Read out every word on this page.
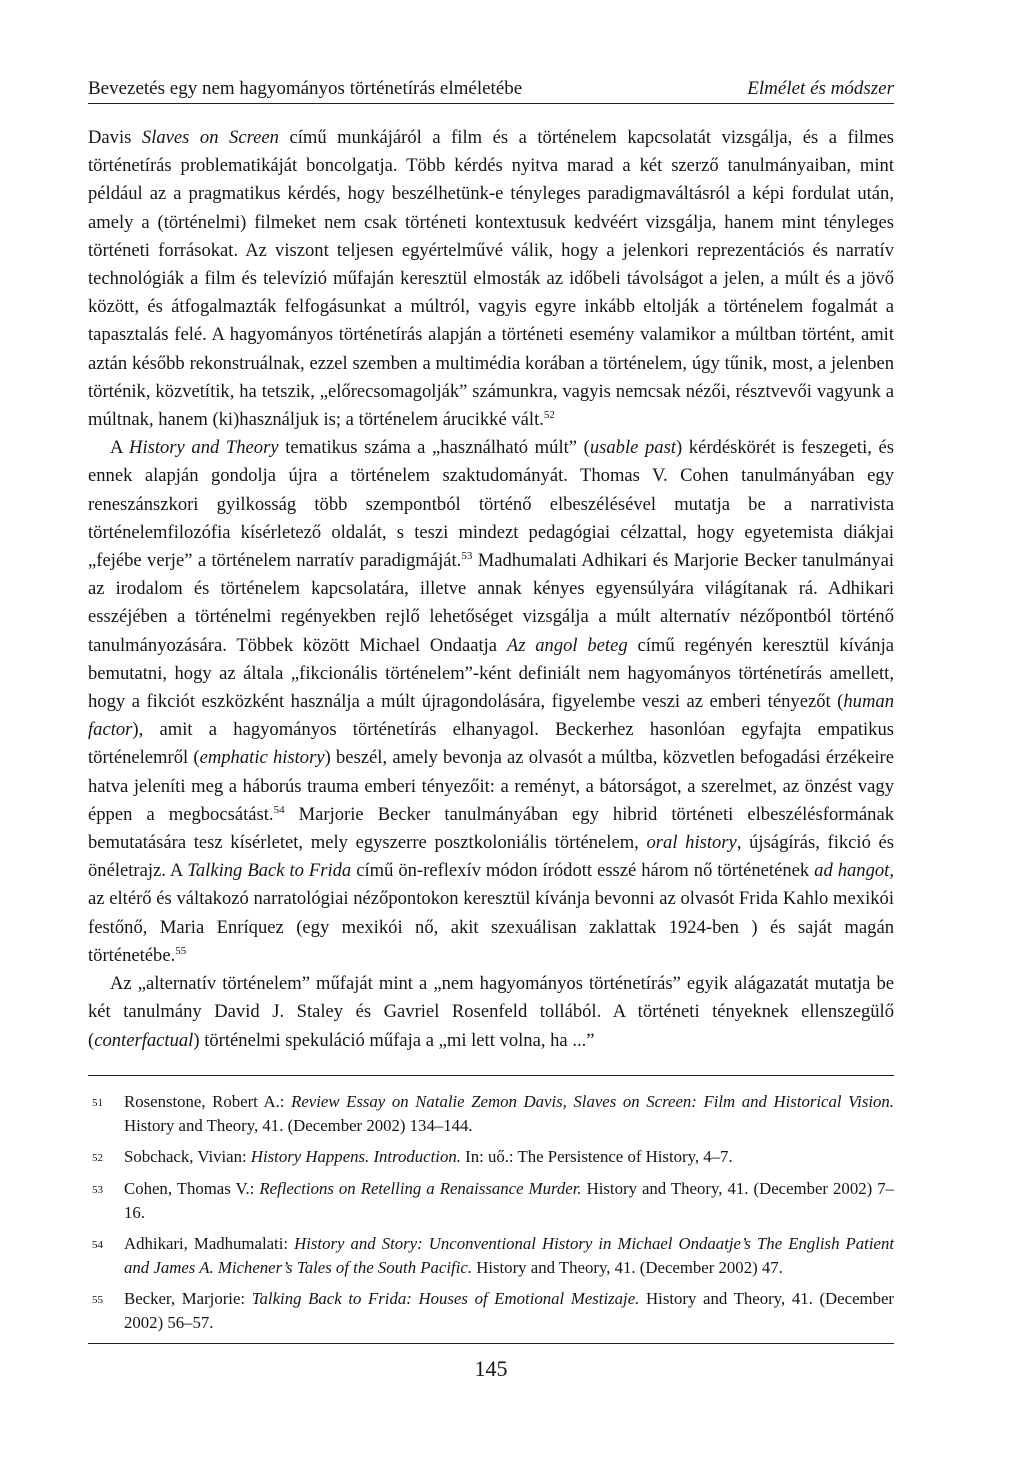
Bevezetés egy nem hagyományos történetírás elméletébe	Elmélet és módszer

Davis Slaves on Screen című munkájáról a film és a történelem kapcsolatát vizsgálja, és a filmes történetírás problematikáját boncolgatja. Több kérdés nyitva marad a két szerző tanulmányaiban, mint például az a pragmatikus kérdés, hogy beszélhetünk-e tényleges paradigmaváltásról a képi fordulat után, amely a (történelmi) filmeket nem csak történeti kontextusuk kedvéért vizsgálja, hanem mint tényleges történeti forrásokat. Az viszont teljesen egyértelművé válik, hogy a jelenkori reprezentációs és narratív technológiák a film és televízió műfaján keresztül elmosták az időbeli távolságot a jelen, a múlt és a jövő között, és átfogalmazták felfogásunkat a múltról, vagyis egyre inkább eltolják a történelem fogalmát a tapasztalás felé. A hagyományos történetírás alapján a történeti esemény valamikor a múltban történt, amit aztán később rekonstruálnak, ezzel szemben a multimédia korában a történelem, úgy tűnik, most, a jelenben történik, közvetítik, ha tetszik, „előrecsomagolják” számunkra, vagyis nemcsak nézői, résztvevői vagyunk a múltnak, hanem (ki)használjuk is; a történelem árucikké vált.$^{52}$

A History and Theory tematikus száma a „használható múlt” (usable past) kérdéskörét is feszegeti, és ennek alapján gondolja újra a történelem szaktudományát. Thomas V. Cohen tanulmányában egy reneszánszkori gyilkosság több szempontból történő elbeszélésével mutatja be a narrativista történelemfilozófia kísérletező oldalát, s teszi mindezt pedagógiai célzattal, hogy egyetemista diákjai „fejébe verje” a történelem narratív paradigmáját.$^{53}$ Madhumalati Adhikari és Marjorie Becker tanulmányai az irodalom és történelem kapcsolatára, illetve annak kényes egyensúlyára világítanak rá. Adhikari esszéjében a történelmi regényekben rejlő lehetőséget vizsgálja a múlt alternatív nézőpontból történő tanulmányozására. Többek között Michael Ondaatja Az angol beteg című regényén keresztül kívánja bemutatni, hogy az általa „fikcionális történelem”-ként definiált nem hagyományos történetírás amellett, hogy a fikciót eszközként használja a múlt újragondolására, figyelembe veszi az emberi tényezőt (human factor), amit a hagyományos történetírás elhanyagol. Beckerhez hasonlóan egyfajta empatikus történelemről (emphatic history) beszél, amely bevonja az olvasót a múltba, közvetlen befogadási érzékeire hatva jeleníti meg a háborús trauma emberi tényezőit: a reményt, a bátorságot, a szerelmet, az önzést vagy éppen a megbocsátást.$^{54}$ Marjorie Becker tanulmányában egy hibrid történeti elbeszélésformának bemutatására tesz kísérletet, mely egyszerre posztkoloniális történelem, oral history, újságírás, fikció és önéletrajz. A Talking Back to Frida című ön-reflexív módon íródott esszé három nő történetének ad hangot, az eltérő és váltakozó narratológiai nézőpontokon keresztül kívánja bevonni az olvasót Frida Kahlo mexikói festőnő, Maria Enríquez (egy mexikói nő, akit szexuálisan zaklattak 1924-ben ) és saját magán történetébe.$^{55}$

Az „alternatív történelem” műfaját mint a „nem hagyományos történetírás” egyik alágazatát mutatja be két tanulmány David J. Staley és Gavriel Rosenfeld tollából. A történeti tényeknek ellenszegülő (conterfactual) történelmi spekuláció műfaja a „mi lett volna, ha ...”

51	Rosenstone, Robert A.: Review Essay on Natalie Zemon Davis, Slaves on Screen: Film and Historical Vision. History and Theory, 41. (December 2002) 134–144.
52	Sobchack, Vivian: History Happens. Introduction. In: uő.: The Persistence of History, 4–7.
53	Cohen, Thomas V.: Reflections on Retelling a Renaissance Murder. History and Theory, 41. (December 2002) 7–16.
54	Adhikari, Madhumalati: History and Story: Unconventional History in Michael Ondaatje’s The English Patient and James A. Michener’s Tales of the South Pacific. History and Theory, 41. (December 2002) 47.
55	Becker, Marjorie: Talking Back to Frida: Houses of Emotional Mestizaje. History and Theory, 41. (December 2002) 56–57.
145
